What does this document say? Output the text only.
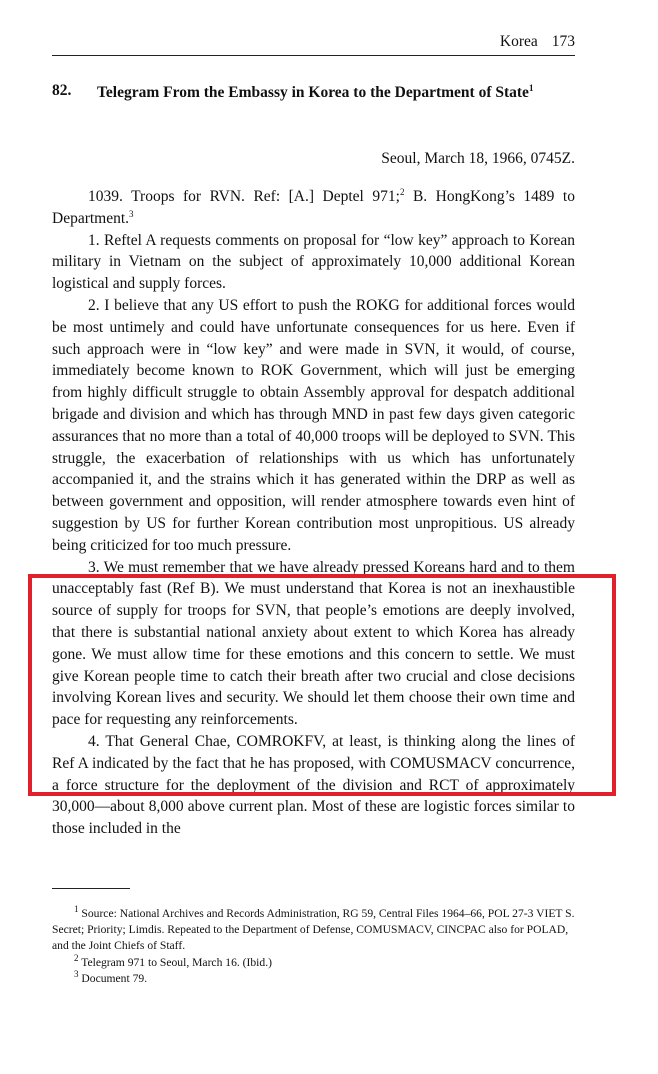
Korea 173
82. Telegram From the Embassy in Korea to the Department of State$^1$
Seoul, March 18, 1966, 0745Z.

1039. Troops for RVN. Ref: [A.] Deptel 971;$^2$ B. HongKong’s 1489 to Department.$^3$

1. Reftel A requests comments on proposal for “low key” approach to Korean military in Vietnam on the subject of approximately 10,000 additional Korean logistical and supply forces.

2. I believe that any US effort to push the ROKG for additional forces would be most untimely and could have unfortunate consequences for us here. Even if such approach were in “low key” and were made in SVN, it would, of course, immediately become known to ROK Government, which will just be emerging from highly difficult struggle to obtain Assembly approval for despatch additional brigade and division and which has through MND in past few days given categoric assurances that no more than a total of 40,000 troops will be deployed to SVN. This struggle, the exacerbation of relationships with us which has unfortunately accompanied it, and the strains which it has generated within the DRP as well as between government and opposition, will render atmosphere towards even hint of suggestion by US for further Korean contribution most unpropitious. US already being criticized for too much pressure.

3. We must remember that we have already pressed Koreans hard and to them unacceptably fast (Ref B). We must understand that Korea is not an inexhaustible source of supply for troops for SVN, that people’s emotions are deeply involved, that there is substantial national anxiety about extent to which Korea has already gone. We must allow time for these emotions and this concern to settle. We must give Korean people time to catch their breath after two crucial and close decisions involving Korean lives and security. We should let them choose their own time and pace for requesting any reinforcements.

4. That General Chae, COMROKFV, at least, is thinking along the lines of Ref A indicated by the fact that he has proposed, with COMUSMACV concurrence, a force structure for the deployment of the division and RCT of approximately 30,000—about 8,000 above current plan. Most of these are logistic forces similar to those included in the

$^1$ Source: National Archives and Records Administration, RG 59, Central Files 1964–66, POL 27-3 VIET S. Secret; Priority; Limdis. Repeated to the Department of Defense, COMUSMACV, CINCPAC also for POLAD, and the Joint Chiefs of Staff.

$^2$ Telegram 971 to Seoul, March 16. (Ibid.)

$^3$ Document 79.
